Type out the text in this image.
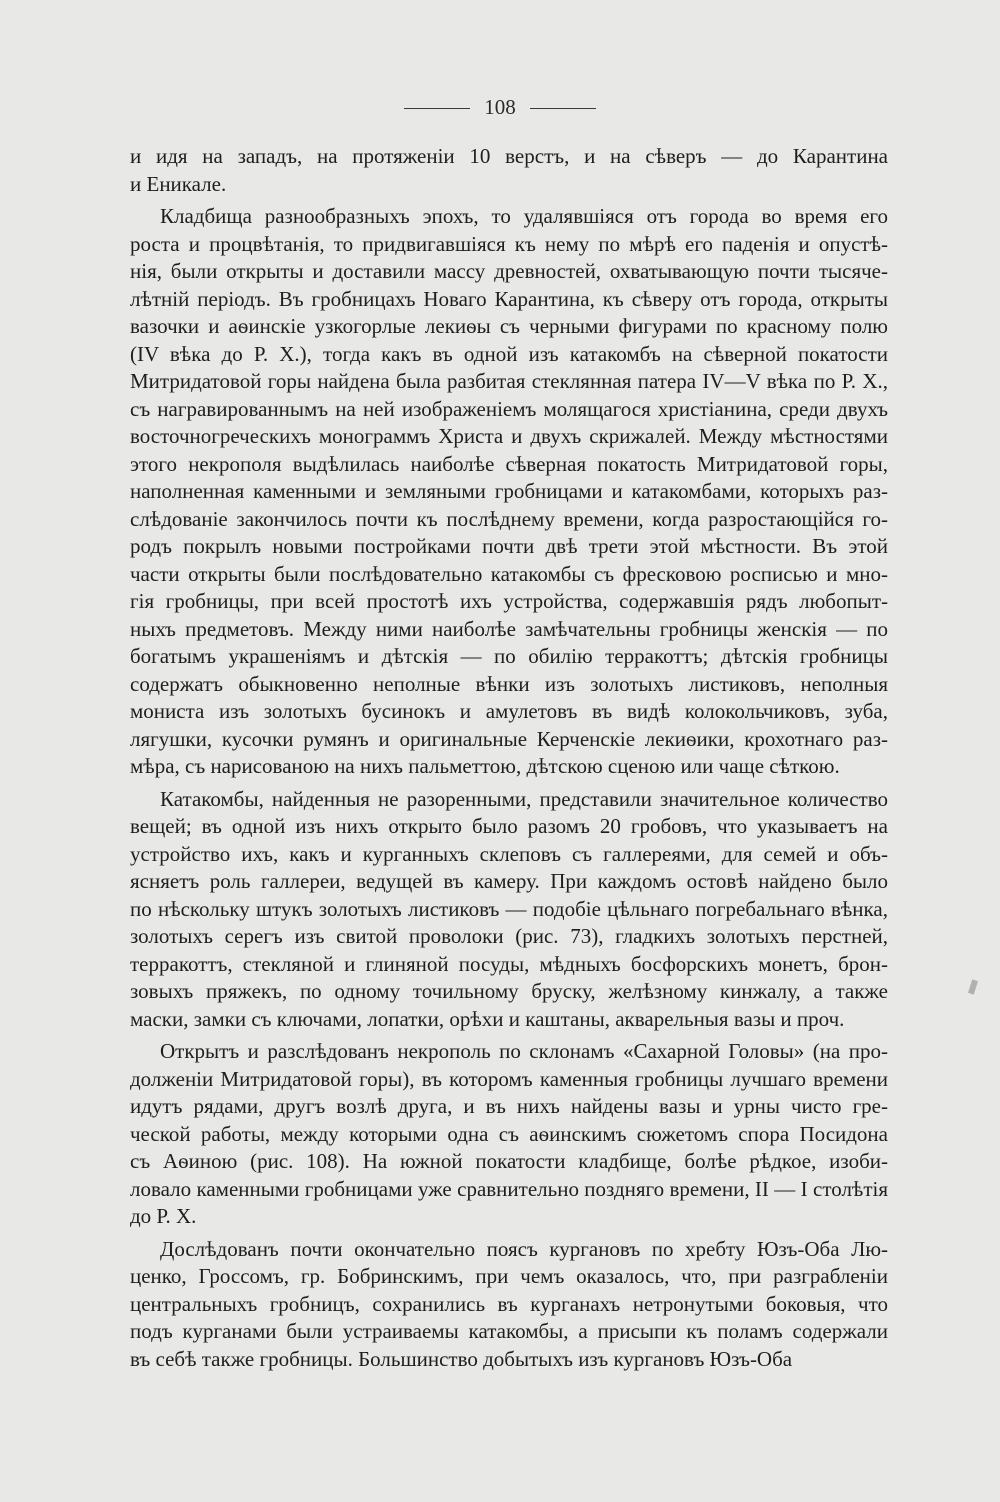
108
и идя на западъ, на протяженіи 10 верстъ, и на сѣверъ — до Карантина
и Еникале.
Кладбища разнообразныхъ эпохъ, то удалявшіяся отъ города во время его
роста и процвѣтанія, то придвигавшіяся къ нему по мѣрѣ его паденія и опустѣ-
нія, были открыты и доставили массу древностей, охватывающую почти тысяче-
лѣтній періодъ. Въ гробницахъ Новаго Карантина, къ сѣверу отъ города, открыты
вазочки и аѳинскіе узкогорлые лекиѳы съ черными фигурами по красному полю
(IV вѣка до Р. Х.), тогда какъ въ одной изъ катакомбъ на сѣверной покатости
Митридатовой горы найдена была разбитая стеклянная патера IV—V вѣка по Р. Х.,
съ награвированнымъ на ней изображеніемъ молящагося христіанина, среди двухъ
восточногреческихъ монограммъ Христа и двухъ скрижалей. Между мѣстностями
этого некрополя выдѣлилась наиболѣе сѣверная покатость Митридатовой горы,
наполненная каменными и земляными гробницами и катакомбами, которыхъ раз-
слѣдованіе закончилось почти къ послѣднему времени, когда разростающійся го-
родъ покрылъ новыми постройками почти двѣ трети этой мѣстности. Въ этой
части открыты были послѣдовательно катакомбы съ фресковою росписью и мно-
гія гробницы, при всей простотѣ ихъ устройства, содержавшія рядъ любопыт-
ныхъ предметовъ. Между ними наиболѣе замѣчательны гробницы женскія — по
богатымъ украшеніямъ и дѣтскія — по обилію терракоттъ; дѣтскія гробницы
содержатъ обыкновенно неполные вѣнки изъ золотыхъ листиковъ, неполныя
мониста изъ золотыхъ бусинокъ и амулетовъ въ видѣ колокольчиковъ, зуба,
лягушки, кусочки румянъ и оригинальные Керченскіе лекиѳики, крохотнаго раз-
мѣра, съ нарисованою на нихъ пальметтою, дѣтскою сценою или чаще сѣткою.
Катакомбы, найденныя не разоренными, представили значительное количество
вещей; въ одной изъ нихъ открыто было разомъ 20 гробовъ, что указываетъ на
устройство ихъ, какъ и курганныхъ склеповъ съ галлереями, для семей и объ-
ясняетъ роль галлереи, ведущей въ камеру. При каждомъ остовѣ найдено было
по нѣскольку штукъ золотыхъ листиковъ — подобіе цѣльнаго погребальнаго вѣнка,
золотыхъ серегъ изъ свитой проволоки (рис. 73), гладкихъ золотыхъ перстней,
терракоттъ, стекляной и глиняной посуды, мѣдныхъ босфорскихъ монетъ, брон-
зовыхъ пряжекъ, по одному точильному бруску, желѣзному кинжалу, а также
маски, замки съ ключами, лопатки, орѣхи и каштаны, акварельныя вазы и проч.
Открытъ и разслѣдованъ некрополь по склонамъ «Сахарной Головы» (на про-
долженіи Митридатовой горы), въ которомъ каменныя гробницы лучшаго времени
идутъ рядами, другъ возлѣ друга, и въ нихъ найдены вазы и урны чисто гре-
ческой работы, между которыми одна съ аѳинскимъ сюжетомъ спора Посидона
съ Аѳиною (рис. 108). На южной покатости кладбище, болѣе рѣдкое, изоби-
ловало каменными гробницами уже сравнительно поздняго времени, II — I столѣтія
до Р. Х.
Дослѣдованъ почти окончательно поясъ кургановъ по хребту Юзъ-Оба Лю-
ценко, Гроссомъ, гр. Бобринскимъ, при чемъ оказалось, что, при разграбленіи
центральныхъ гробницъ, сохранились въ курганахъ нетронутыми боковыя, что
подъ курганами были устраиваемы катакомбы, а присыпи къ поламъ содержали
въ себѣ также гробницы. Большинство добытыхъ изъ кургановъ Юзъ-Оба
